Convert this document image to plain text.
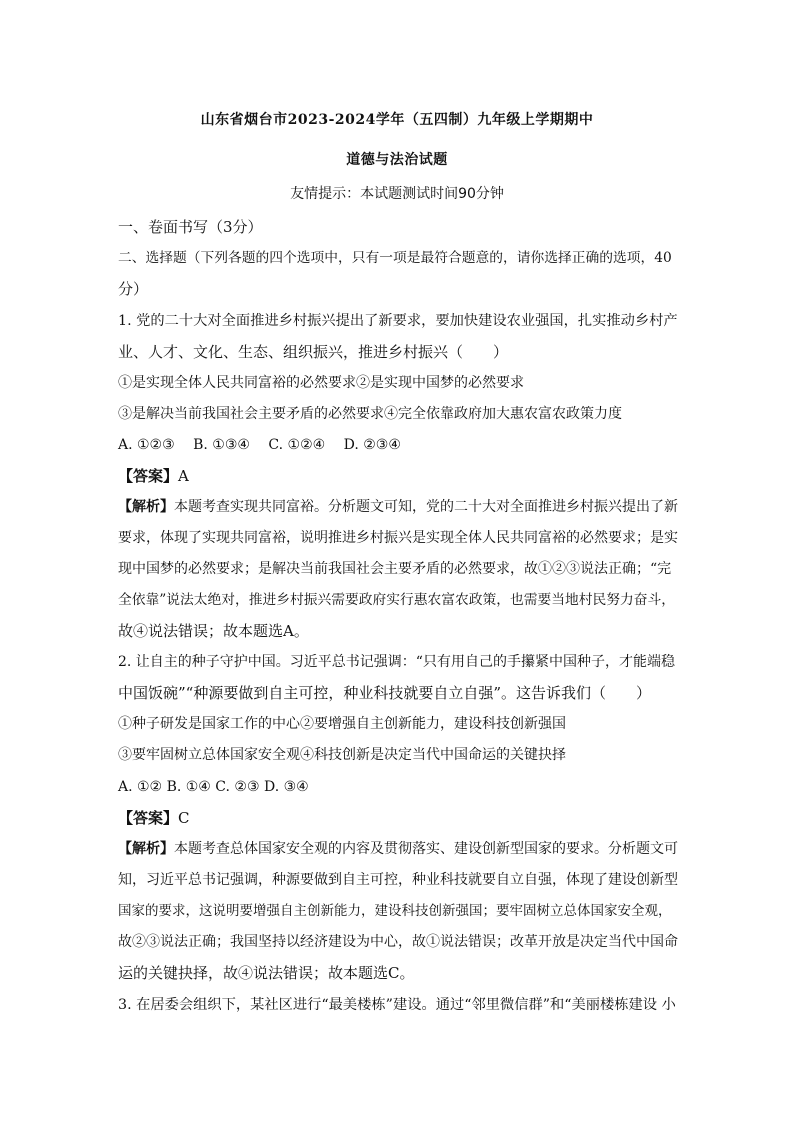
山东省烟台市2023-2024学年（五四制）九年级上学期期中
道德与法治试题
友情提示：本试题测试时间90分钟
一、卷面书写（3分）
二、选择题（下列各题的四个选项中，只有一项是最符合题意的，请你选择正确的选项，40
分）
1. 党的二十大对全面推进乡村振兴提出了新要求，要加快建设农业强国，扎实推动乡村产
业、人才、文化、生态、组织振兴，推进乡村振兴（　　）
①是实现全体人民共同富裕的必然要求②是实现中国梦的必然要求
③是解决当前我国社会主要矛盾的必然要求④完全依靠政府加大惠农富农政策力度
A. ①②③　 B. ①③④　 C. ①②④　 D. ②③④
【答案】A
【解析】本题考查实现共同富裕。分析题文可知，党的二十大对全面推进乡村振兴提出了新
要求，体现了实现共同富裕，说明推进乡村振兴是实现全体人民共同富裕的必然要求；是实
现中国梦的必然要求；是解决当前我国社会主要矛盾的必然要求，故①②③说法正确；“完
全依靠”说法太绝对，推进乡村振兴需要政府实行惠农富农政策，也需要当地村民努力奋斗，
故④说法错误；故本题选A。
2. 让自主的种子守护中国。习近平总书记强调：“只有用自己的手攥紧中国种子，才能端稳
中国饭碗”“种源要做到自主可控，种业科技就要自立自强”。这告诉我们（　　）
①种子研发是国家工作的中心②要增强自主创新能力，建设科技创新强国
③要牢固树立总体国家安全观④科技创新是决定当代中国命运的关键抉择
A. ①② B. ①④ C. ②③ D. ③④
【答案】C
【解析】本题考查总体国家安全观的内容及贯彻落实、建设创新型国家的要求。分析题文可
知，习近平总书记强调，种源要做到自主可控，种业科技就要自立自强，体现了建设创新型
国家的要求，这说明要增强自主创新能力，建设科技创新强国；要牢固树立总体国家安全观，
故②③说法正确；我国坚持以经济建设为中心，故①说法错误；改革开放是决定当代中国命
运的关键抉择，故④说法错误；故本题选C。
3. 在居委会组织下，某社区进行“最美楼栋”建设。通过“邻里微信群”和“美丽楼栋建设 小
